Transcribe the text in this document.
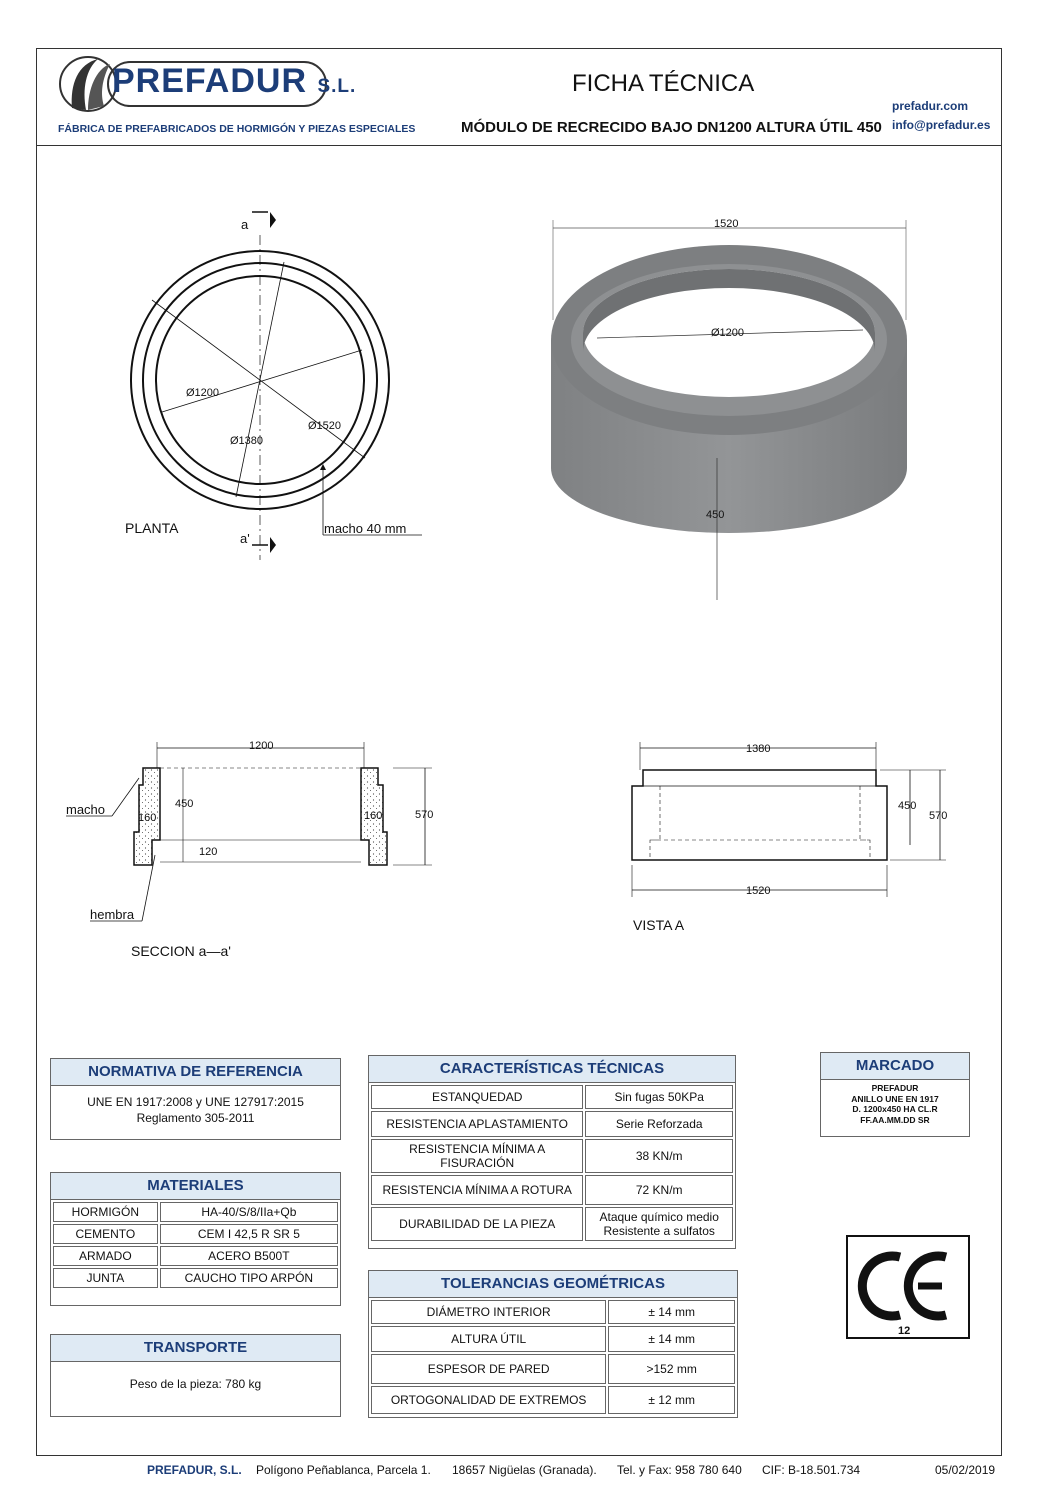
PREFADUR S.L.
FÁBRICA DE PREFABRICADOS DE HORMIGÓN Y PIEZAS ESPECIALES
FICHA TÉCNICA
MÓDULO DE RECRECIDO BAJO DN1200 ALTURA ÚTIL 450
prefadur.com
info@prefadur.es
a
a'
Ø1200
Ø1380
Ø1520
PLANTA	macho 40 mm
1520
Ø1200
450
1200
450
570
160	160
120
macho
hembra
SECCION a—a'
1380
1520
450
570
VISTA A
NORMATIVA DE REFERENCIA
UNE EN 1917:2008 y UNE 127917:2015
Reglamento 305-2011
MATERIALES
HORMIGÓN	HA-40/S/8/IIa+Qb
CEMENTO	CEM I 42,5 R SR 5
ARMADO	ACERO B500T
JUNTA	CAUCHO TIPO ARPÓN
TRANSPORTE
Peso de la pieza: 780 kg
CARACTERÍSTICAS TÉCNICAS
ESTANQUEDAD	Sin fugas 50KPa
RESISTENCIA APLASTAMIENTO	Serie Reforzada
RESISTENCIA MÍNIMA A FISURACIÓN	38 KN/m
RESISTENCIA MÍNIMA A ROTURA	72 KN/m
DURABILIDAD DE LA PIEZA	Ataque químico medio
Resistente a sulfatos
TOLERANCIAS GEOMÉTRICAS
DIÁMETRO INTERIOR	± 14 mm
ALTURA ÚTIL	± 14 mm
ESPESOR DE PARED	>152 mm
ORTOGONALIDAD DE EXTREMOS	± 12 mm
MARCADO
PREFADUR
ANILLO UNE EN 1917
D. 1200x450 HA CL.R
FF.AA.MM.DD SR
12
PREFADUR, S.L. Polígono Peñablanca, Parcela 1. 18657 Nigüelas (Granada). Tel. y Fax: 958 780 640 CIF: B-18.501.734	05/02/2019
